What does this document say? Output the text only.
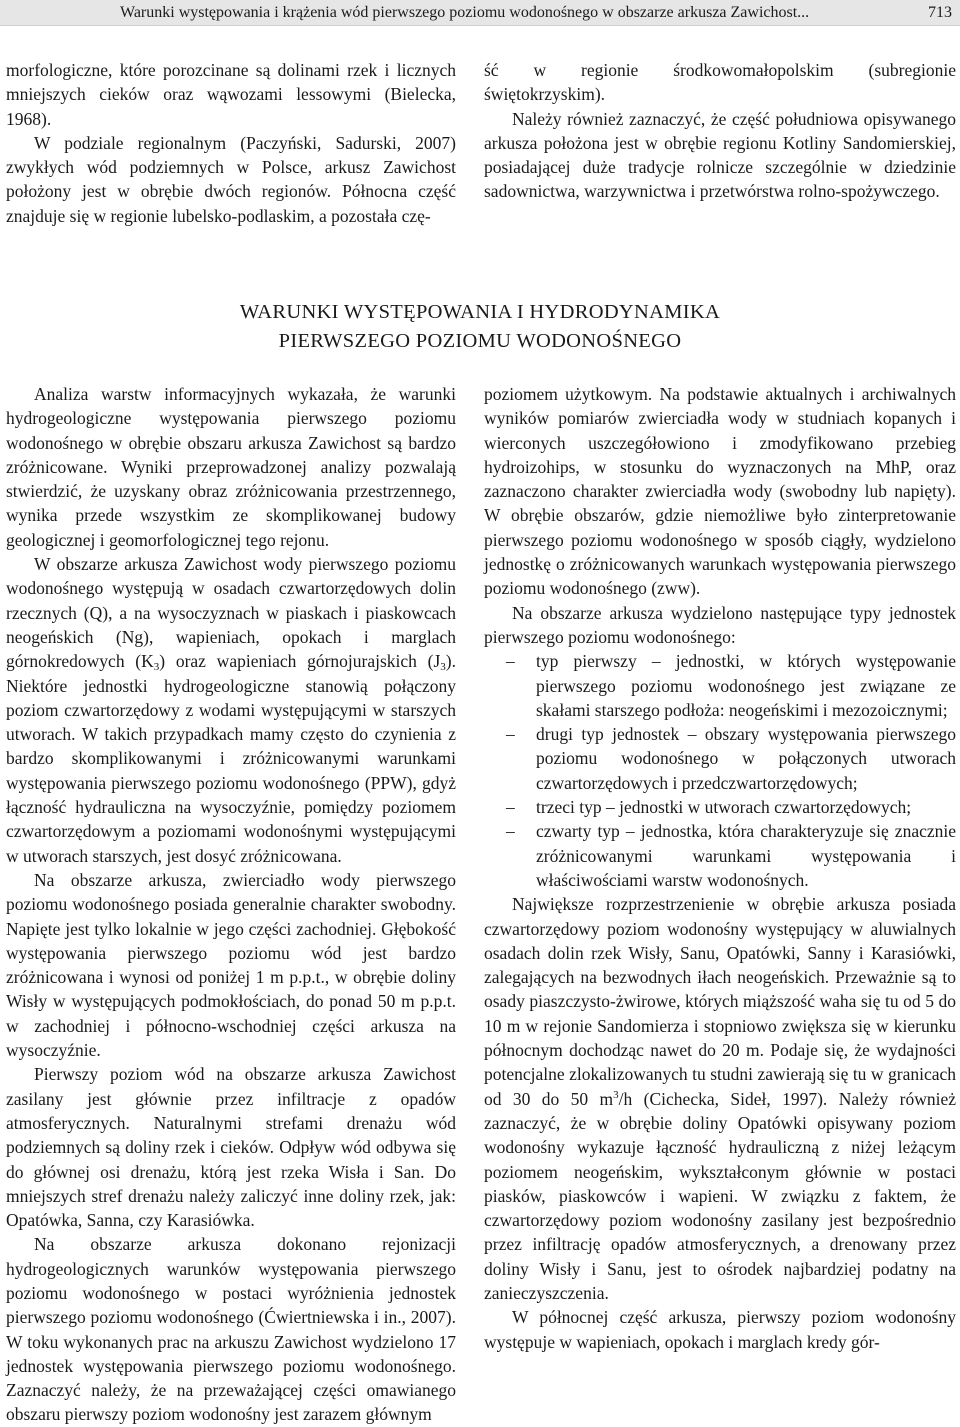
Warunki występowania i krążenia wód pierwszego poziomu wodonośnego w obszarze arkusza Zawichost...	713

morfologiczne, które porozcinane są dolinami rzek i licznych mniejszych cieków oraz wąwozami lessowymi (Bielecka, 1968).

W podziale regionalnym (Paczyński, Sadurski, 2007) zwykłych wód podziemnych w Polsce, arkusz Zawichost położony jest w obrębie dwóch regionów. Północna część znajduje się w regionie lubelsko-podlaskim, a pozostała czę-

ść w regionie środkowomałopolskim (subregionie świętokrzyskim).

Należy również zaznaczyć, że część południowa opisywanego arkusza położona jest w obrębie regionu Kotliny Sandomierskiej, posiadającej duże tradycje rolnicze szczególnie w dziedzinie sadownictwa, warzywnictwa i przetwórstwa rolno-spożywczego.

WARUNKI WYSTĘPOWANIA I HYDRODYNAMIKA
PIERWSZEGO POZIOMU WODONOŚNEGO

Analiza warstw informacyjnych wykazała, że warunki hydrogeologiczne występowania pierwszego poziomu wodonośnego w obrębie obszaru arkusza Zawichost są bardzo zróżnicowane. Wyniki przeprowadzonej analizy pozwalają stwierdzić, że uzyskany obraz zróżnicowania przestrzennego, wynika przede wszystkim ze skomplikowanej budowy geologicznej i geomorfologicznej tego rejonu.

W obszarze arkusza Zawichost wody pierwszego poziomu wodonośnego występują w osadach czwartorzędowych dolin rzecznych (Q), a na wysoczyznach w piaskach i piaskowcach neogeńskich (Ng), wapieniach, opokach i marglach górnokredowych $(K_3)$ oraz wapieniach górnojurajskich $(J_3)$. Niektóre jednostki hydrogeologiczne stanowią połączony poziom czwartorzędowy z wodami występującymi w starszych utworach. W takich przypadkach mamy często do czynienia z bardzo skomplikowanymi i zróżnicowanymi warunkami występowania pierwszego poziomu wodonośnego (PPW), gdyż łączność hydrauliczna na wysoczyźnie, pomiędzy poziomem czwartorzędowym a poziomami wodonośnymi występującymi w utworach starszych, jest dosyć zróżnicowana.

Na obszarze arkusza, zwierciadło wody pierwszego poziomu wodonośnego posiada generalnie charakter swobodny. Napięte jest tylko lokalnie w jego części zachodniej. Głębokość występowania pierwszego poziomu wód jest bardzo zróżnicowana i wynosi od poniżej 1 m p.p.t., w obrębie doliny Wisły w występujących podmokłościach, do ponad 50 m p.p.t. w zachodniej i północno-wschodniej części arkusza na wysoczyźnie.

Pierwszy poziom wód na obszarze arkusza Zawichost zasilany jest głównie przez infiltracje z opadów atmosferycznych. Naturalnymi strefami drenażu wód podziemnych są doliny rzek i cieków. Odpływ wód odbywa się do głównej osi drenażu, którą jest rzeka Wisła i San. Do mniejszych stref drenażu należy zaliczyć inne doliny rzek, jak: Opatówka, Sanna, czy Karasiówka.

Na obszarze arkusza dokonano rejonizacji hydrogeologicznych warunków występowania pierwszego poziomu wodonośnego w postaci wyróżnienia jednostek pierwszego poziomu wodonośnego (Ćwiertniewska i in., 2007). W toku wykonanych prac na arkuszu Zawichost wydzielono 17 jednostek występowania pierwszego poziomu wodonośnego. Zaznaczyć należy, że na przeważającej części omawianego obszaru pierwszy poziom wodonośny jest zarazem głównym

poziomem użytkowym. Na podstawie aktualnych i archiwalnych wyników pomiarów zwierciadła wody w studniach kopanych i wierconych uszczegółowiono i zmodyfikowano przebieg hydroizohips, w stosunku do wyznaczonych na MhP, oraz zaznaczono charakter zwierciadła wody (swobodny lub napięty). W obrębie obszarów, gdzie niemożliwe było zinterpretowanie pierwszego poziomu wodonośnego w sposób ciągły, wydzielono jednostkę o zróżnicowanych warunkach występowania pierwszego poziomu wodonośnego (zww).

Na obszarze arkusza wydzielono następujące typy jednostek pierwszego poziomu wodonośnego:

– typ pierwszy – jednostki, w których występowanie pierwszego poziomu wodonośnego jest związane ze skałami starszego podłoża: neogeńskimi i mezozoicznymi;
– drugi typ jednostek – obszary występowania pierwszego poziomu wodonośnego w połączonych utworach czwartorzędowych i przedczwartorzędowych;
– trzeci typ – jednostki w utworach czwartorzędowych;
– czwarty typ – jednostka, która charakteryzuje się znacznie zróżnicowanymi warunkami występowania i właściwościami warstw wodonośnych.

Największe rozprzestrzenienie w obrębie arkusza posiada czwartorzędowy poziom wodonośny występujący w aluwialnych osadach dolin rzek Wisły, Sanu, Opatówki, Sanny i Karasiówki, zalegających na bezwodnych iłach neogeńskich. Przeważnie są to osady piaszczysto-żwirowe, których miąższość waha się tu od 5 do 10 m w rejonie Sandomierza i stopniowo zwiększa się w kierunku północnym dochodząc nawet do 20 m. Podaje się, że wydajności potencjalne zlokalizowanych tu studni zawierają się tu w granicach od 30 do 50 $m^3/h$ (Cichecka, Sideł, 1997). Należy również zaznaczyć, że w obrębie doliny Opatówki opisywany poziom wodonośny wykazuje łączność hydrauliczną z niżej leżącym poziomem neogeńskim, wykształconym głównie w postaci piasków, piaskowców i wapieni. W związku z faktem, że czwartorzędowy poziom wodonośny zasilany jest bezpośrednio przez infiltrację opadów atmosferycznych, a drenowany przez doliny Wisły i Sanu, jest to ośrodek najbardziej podatny na zanieczyszczenia.

W północnej część arkusza, pierwszy poziom wodonośny występuje w wapieniach, opokach i marglach kredy gór-
